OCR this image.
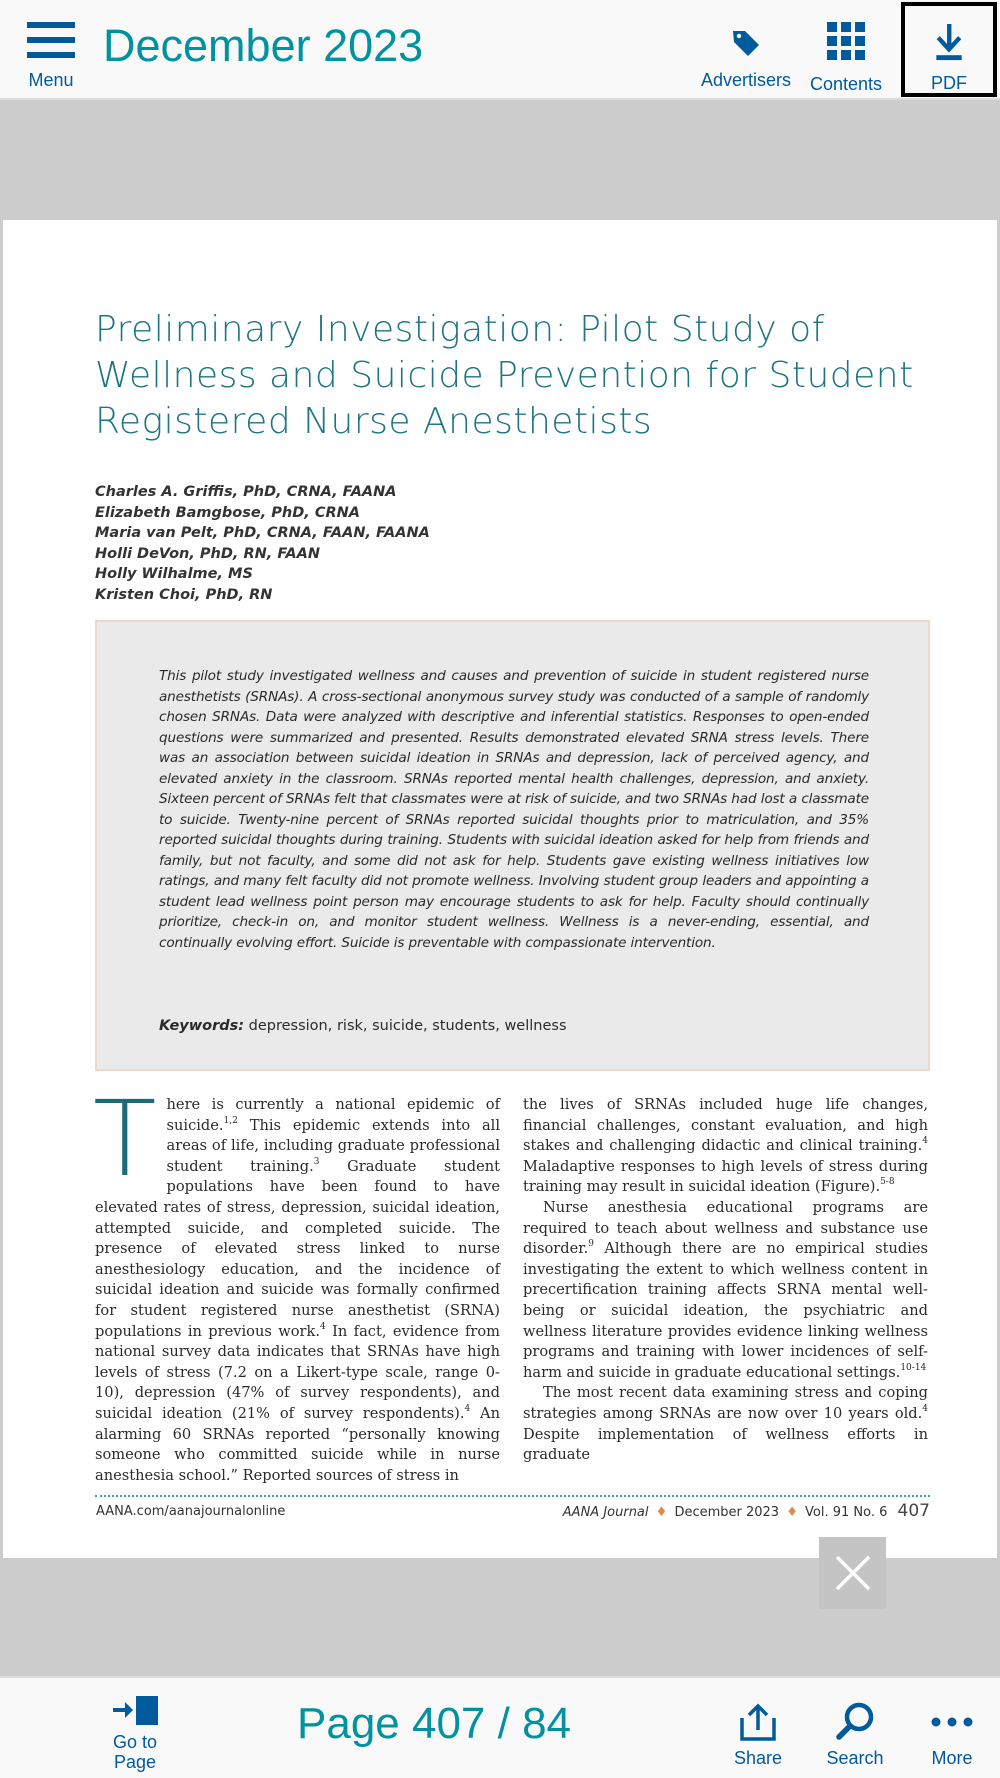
Menu
December 2023
Advertisers Contents	PDF
Preliminary Investigation: Pilot Study of Wellness and Suicide Prevention for Student Registered Nurse Anesthetists
Charles A. Griffis, PhD, CRNA, FAANA
Elizabeth Bamgbose, PhD, CRNA
Maria van Pelt, PhD, CRNA, FAAN, FAANA
Holli DeVon, PhD, RN, FAAN
Holly Wilhalme, MS
Kristen Choi, PhD, RN

This pilot study investigated wellness and causes and prevention of suicide in student registered nurse anesthetists (SRNAs). A cross-sectional anonymous survey study was conducted of a sample of randomly chosen SRNAs. Data were analyzed with descriptive and inferential statistics. Responses to open-ended questions were summarized and presented. Results demonstrated elevated SRNA stress levels. There was an association between suicidal ideation in SRNAs and depression, lack of perceived agency, and elevated anxiety in the classroom. SRNAs reported mental health challenges, depression, and anxiety. Sixteen percent of SRNAs felt that classmates were at risk of suicide, and two SRNAs had lost a classmate to suicide. Twenty-nine percent of SRNAs reported suicidal thoughts prior to matriculation, and 35% reported suicidal thoughts during training. Students with suicidal ideation asked for help from friends and family, but not faculty, and some did not ask for help. Students gave existing wellness initiatives low ratings, and many felt faculty did not promote wellness. Involving student group leaders and appointing a student lead wellness point person may encourage students to ask for help. Faculty should continually prioritize, check-in on, and monitor student wellness. Wellness is a never-ending, essential, and continually evolving effort. Suicide is preventable with compassionate intervention.

Keywords: depression, risk, suicide, students, wellness

There is currently a national epidemic of suicide.$^{1,2}$ This epidemic extends into all areas of life, including graduate professional student training.$^3$ Graduate student populations have been found to have elevated rates of stress, depression, suicidal ideation, attempted suicide, and completed suicide. The presence of elevated stress linked to nurse anesthesiology education, and the incidence of suicidal ideation and suicide was formally confirmed for student registered nurse anesthetist (SRNA) populations in previous work.$^4$ In fact, evidence from national survey data indicates that SRNAs have high levels of stress (7.2 on a Likert-type scale, range 0-10), depression (47% of survey respondents), and suicidal ideation (21% of survey respondents).$^4$ An alarming 60 SRNAs reported “personally knowing someone who committed suicide while in nurse anesthesia school.” Reported sources of stress in

the lives of SRNAs included huge life changes, financial challenges, constant evaluation, and high stakes and challenging didactic and clinical training.$^4$ Maladaptive responses to high levels of stress during training may result in suicidal ideation (Figure).$^{5-8}$

Nurse anesthesia educational programs are required to teach about wellness and substance use disorder.$^9$ Although there are no empirical studies investigating the extent to which wellness content in precertification training affects SRNA mental well-being or suicidal ideation, the psychiatric and wellness literature provides evidence linking wellness programs and training with lower incidences of self-harm and suicide in graduate educational settings.$^{10-14}$

The most recent data examining stress and coping strategies among SRNAs are now over 10 years old.$^4$ Despite implementation of wellness efforts in graduate

AANA.com/aanajournalonline	AANA Journal ♦ December 2023 ♦ Vol. 91 No. 6 407
Go to Page
Page 407 / 84
Share Search	More
